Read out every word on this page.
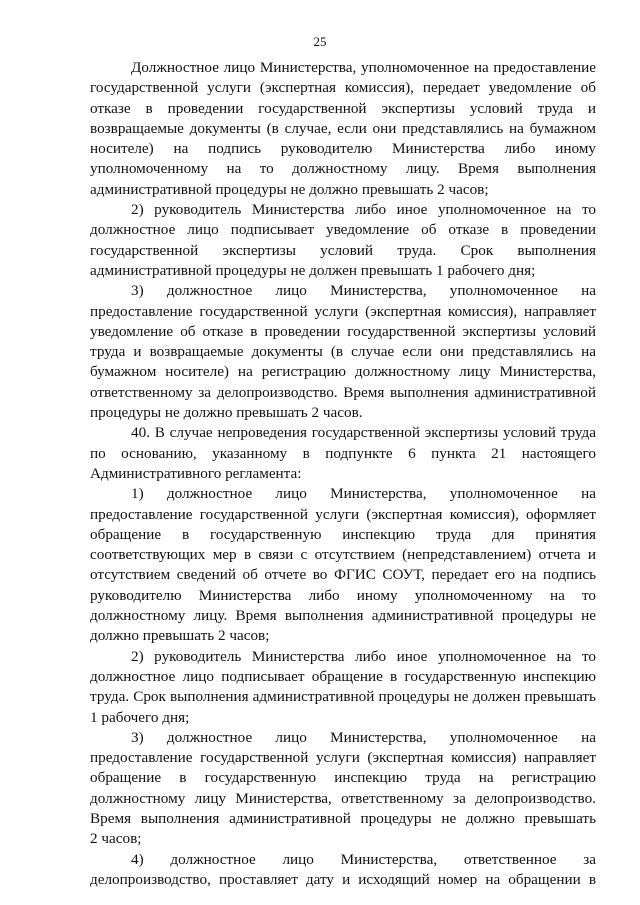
25
Должностное лицо Министерства, уполномоченное на предоставление
государственной услуги (экспертная комиссия), передает уведомление об
отказе в проведении государственной экспертизы условий труда и
возвращаемые документы (в случае, если они представлялись на бумажном
носителе) на подпись руководителю Министерства либо иному
уполномоченному на то должностному лицу. Время выполнения
административной процедуры не должно превышать 2 часов;
2) руководитель Министерства либо иное уполномоченное на то
должностное лицо подписывает уведомление об отказе в проведении
государственной экспертизы условий труда. Срок выполнения
административной процедуры не должен превышать 1 рабочего дня;
3) должностное лицо Министерства, уполномоченное на
предоставление государственной услуги (экспертная комиссия), направляет
уведомление об отказе в проведении государственной экспертизы условий
труда и возвращаемые документы (в случае если они представлялись на
бумажном носителе) на регистрацию должностному лицу Министерства,
ответственному за делопроизводство. Время выполнения административной
процедуры не должно превышать 2 часов.
40. В случае непроведения государственной экспертизы условий труда
по основанию, указанному в подпункте 6 пункта 21 настоящего
Административного регламента:
1) должностное лицо Министерства, уполномоченное на
предоставление государственной услуги (экспертная комиссия), оформляет
обращение в государственную инспекцию труда для принятия
соответствующих мер в связи с отсутствием (непредставлением) отчета и
отсутствием сведений об отчете во ФГИС СОУТ, передает его на подпись
руководителю Министерства либо иному уполномоченному на то
должностному лицу. Время выполнения административной процедуры не
должно превышать 2 часов;
2) руководитель Министерства либо иное уполномоченное на то
должностное лицо подписывает обращение в государственную инспекцию
труда. Срок выполнения административной процедуры не должен превышать
1 рабочего дня;
3) должностное лицо Министерства, уполномоченное на
предоставление государственной услуги (экспертная комиссия) направляет
обращение в государственную инспекцию труда на регистрацию
должностному лицу Министерства, ответственному за делопроизводство.
Время выполнения административной процедуры не должно превышать
2 часов;
4) должностное лицо Министерства, ответственное за
делопроизводство, проставляет дату и исходящий номер на обращении в
